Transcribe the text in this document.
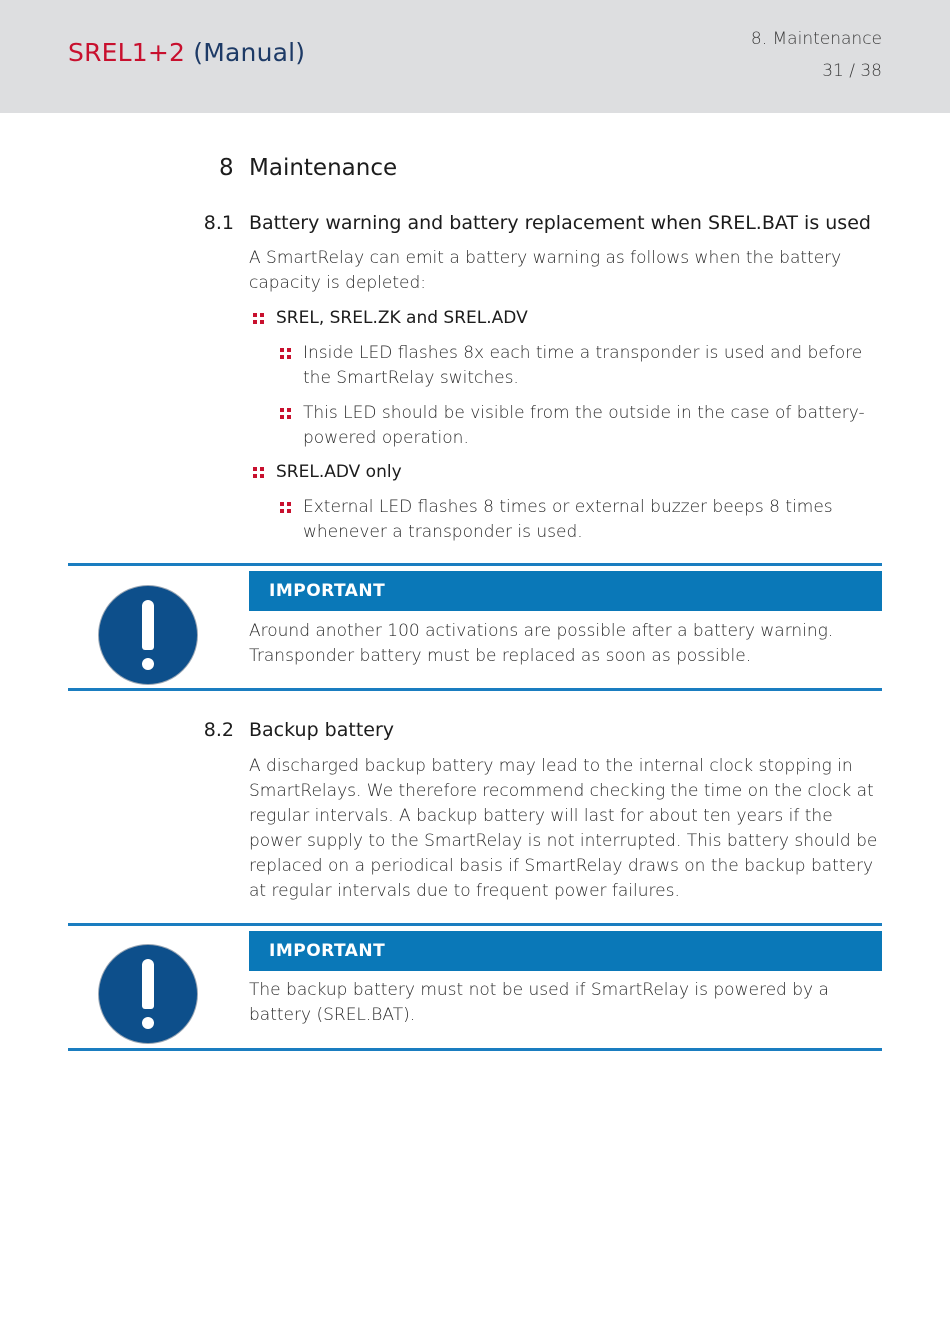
SREL1+2 (Manual)	8. Maintenance
31 / 38
8 Maintenance
8.1 Battery warning and battery replacement when SREL.BAT is used
A SmartRelay can emit a battery warning as follows when the battery capacity is depleted:
SREL, SREL.ZK and SREL.ADV
Inside LED flashes 8x each time a transponder is used and before the SmartRelay switches.
This LED should be visible from the outside in the case of battery-powered operation.
SREL.ADV only
External LED flashes 8 times or external buzzer beeps 8 times whenever a transponder is used.
IMPORTANT
Around another 100 activations are possible after a battery warning. Transponder battery must be replaced as soon as possible.
8.2 Backup battery
A discharged backup battery may lead to the internal clock stopping in SmartRelays. We therefore recommend checking the time on the clock at regular intervals. A backup battery will last for about ten years if the power supply to the SmartRelay is not interrupted. This battery should be replaced on a periodical basis if SmartRelay draws on the backup battery at regular intervals due to frequent power failures.
IMPORTANT
The backup battery must not be used if SmartRelay is powered by a battery (SREL.BAT).
